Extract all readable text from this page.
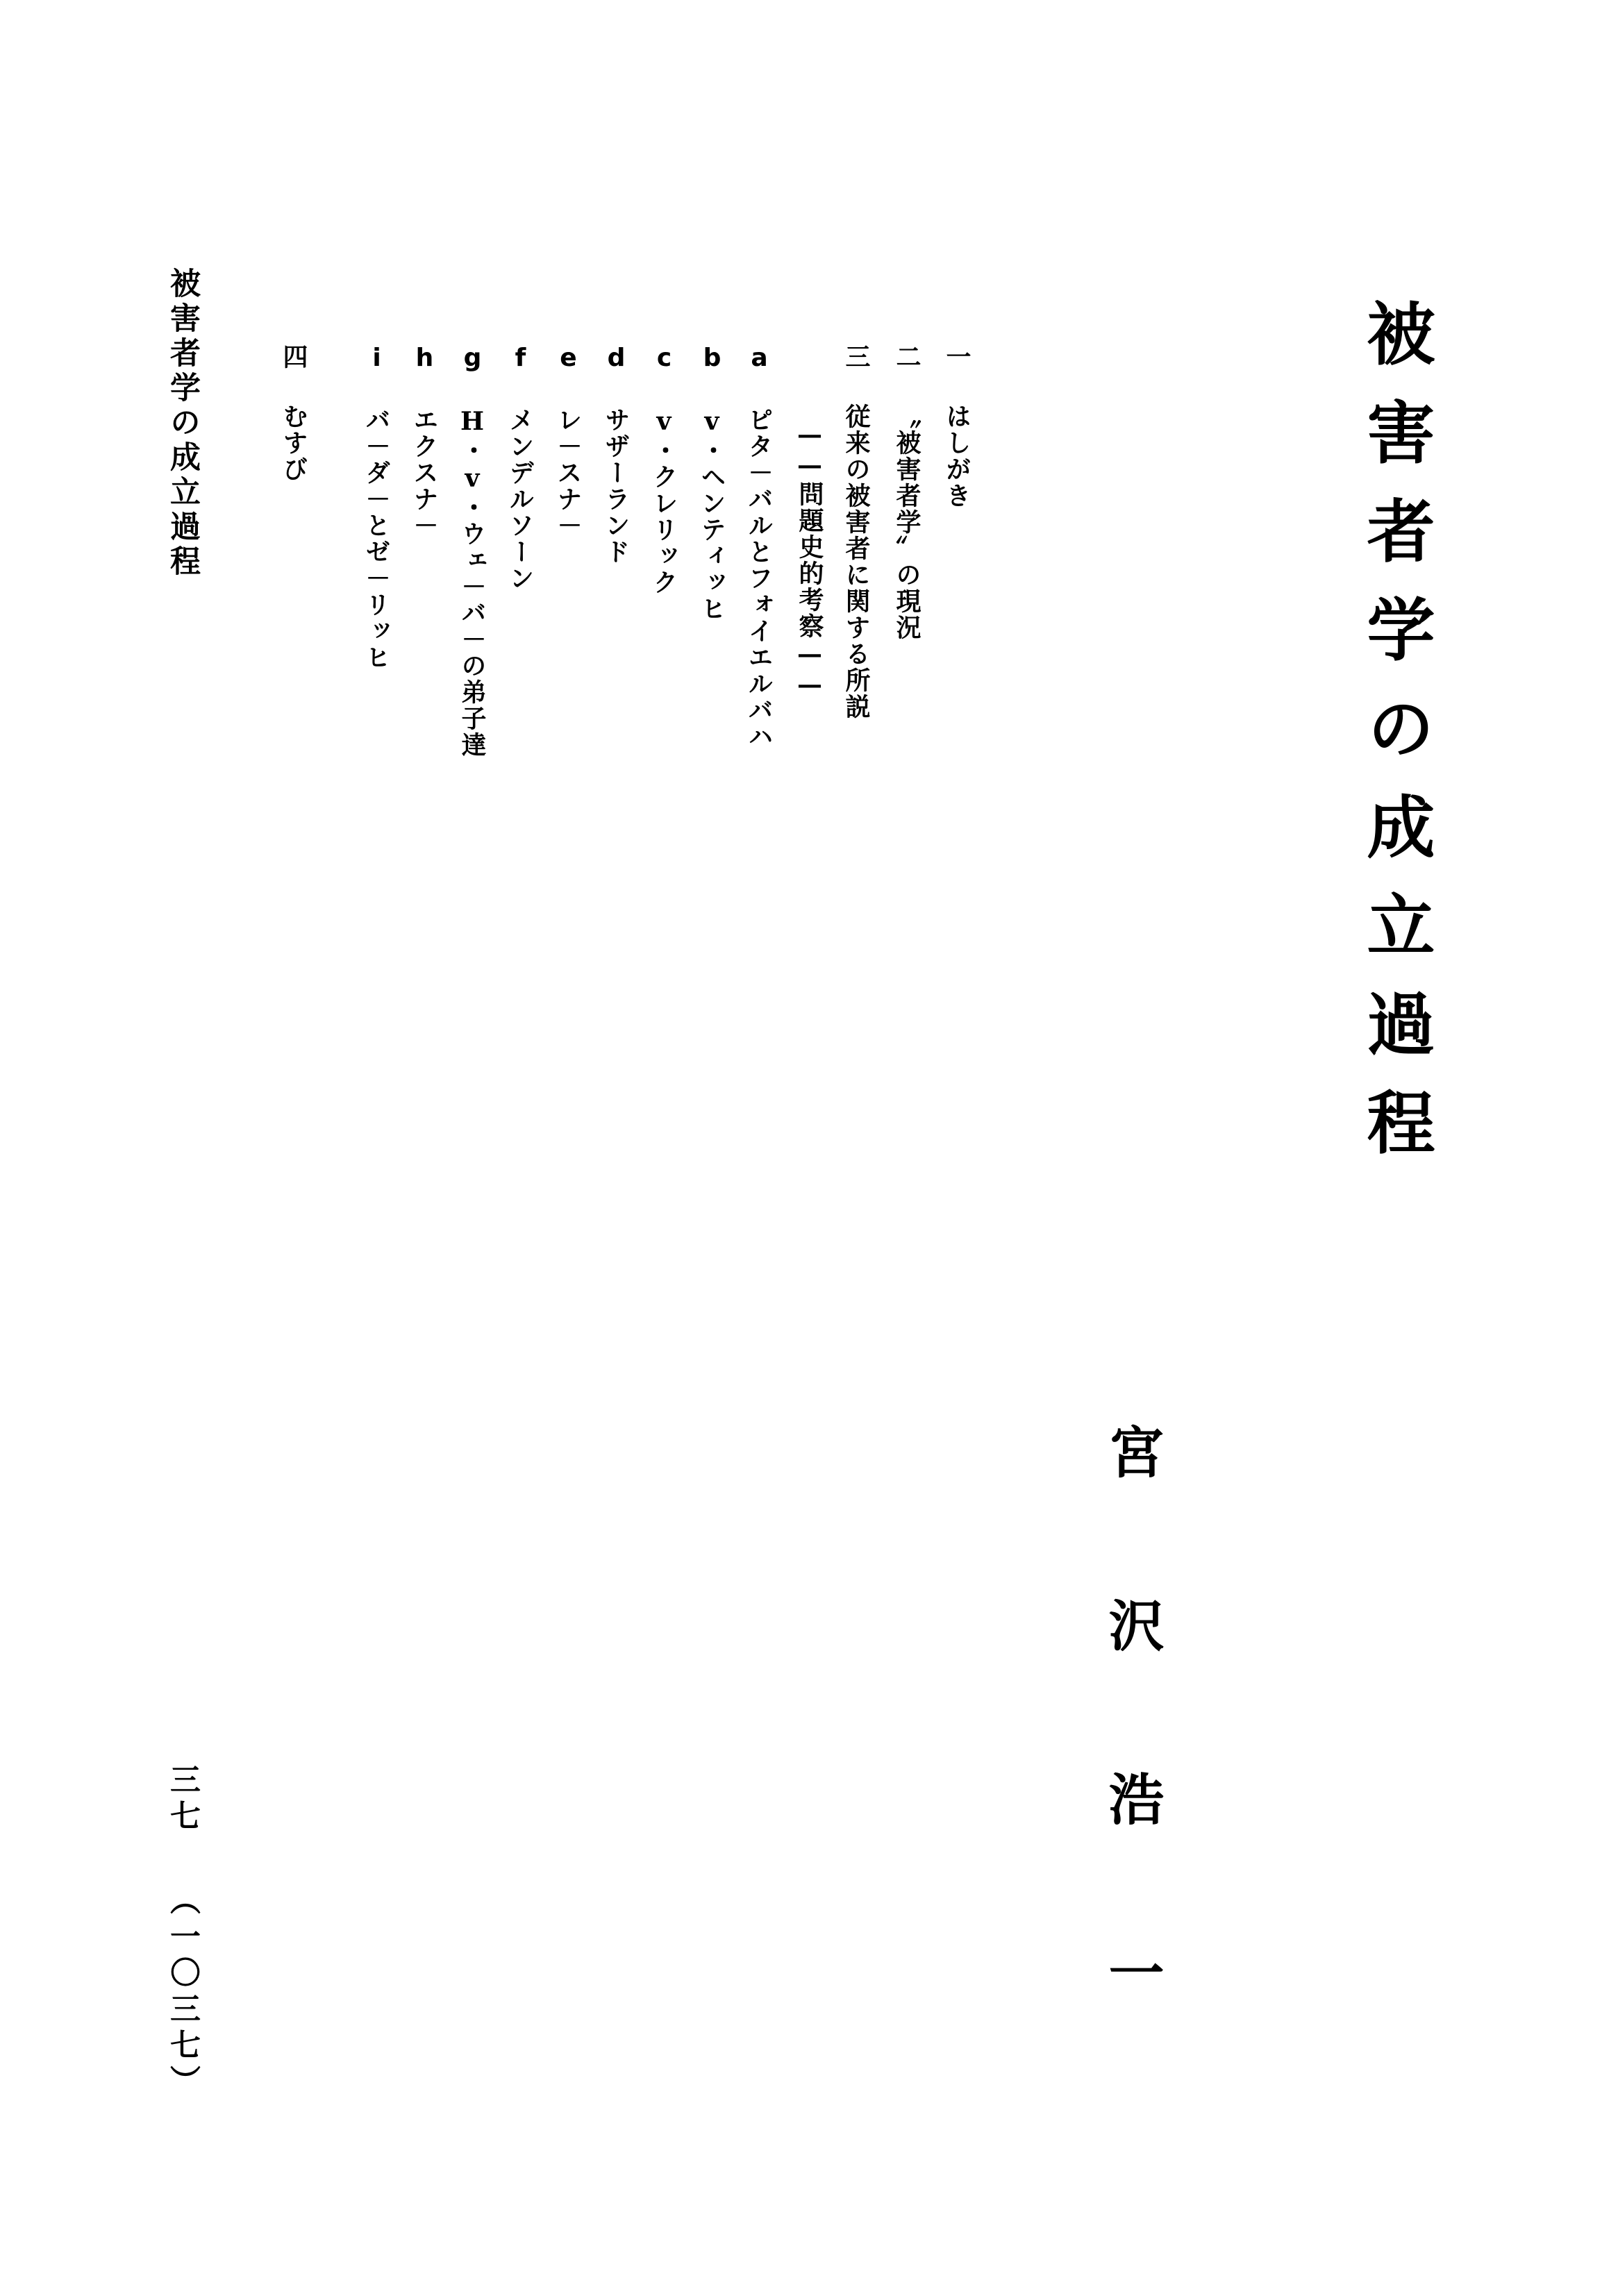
被害者学の成立過程
宮沢浩一
被害者学の成立過程
三七（一〇三七）
一はしがき
二〝被害者学〟の現況
三従来の被害者に関する所説
——問題史的考察——
aピタ－バルとフォイエルバハ
bv・ヘンティッヒ
cv・クレリック
dサザーランド
eレ－スナ－
fメンデルソーン
gH・v・ウェ－バ－の弟子達
hエクスナ－
iバ－ダ－とゼ－リッヒ
四むすび
